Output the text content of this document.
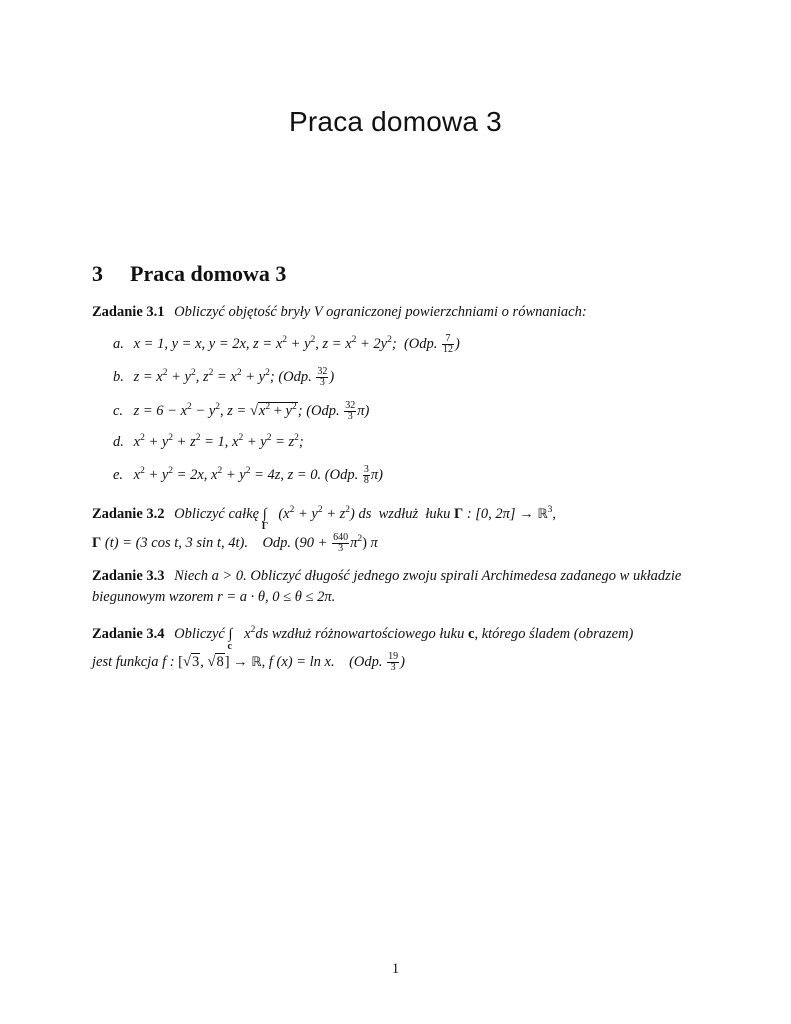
Praca domowa 3
3 Praca domowa 3
Zadanie 3.1 Obliczyć objętość bryły V ograniczonej powierzchniami o równaniach:
a. x = 1, y = x, y = 2x, $z = x^2 + y^2$, $z = x^2 + 2y^2$;  (Odp. $\frac{7}{12}$ )
b. $z = x^2 + y^2$, $z^2 = x^2 + y^2$; (Odp. $\frac{32}{3}$ )
c. $z = 6 - x^2 - y^2$, $z = √x^2 + y^2$; (Odp. $\frac{32}{3} \pi$)
d. $x^2 + y^2 + z^2 = 1$, $x^2 + y^2 = z^2$;
e. $x^2 + y^2 = 2x$, $x^2 + y^2 = 4z$, z = 0. (Odp. $\frac{3}{8} \pi$)
Zadanie 3.2 Obliczyć całkę ∫
Γ
$(x^2 + y^2 + z^2)$ ds  wzdłuż  łuku Γ : [0, 2π] → ℝ$^3$,
Γ (t) = (3 cos t, 3 sin t, 4t).    Odp. $(90 + \frac{640}{3} \pi^2)$ π
Zadanie 3.3 Niech a > 0. Obliczyć długość jednego zwoju spirali Archimedesa zadanego w układzie biegunowym wzorem r = a · θ, 0 ≤ θ ≤ 2π.
Zadanie 3.4 Obliczyć ∫
c
$x^2ds$ wzdłuż różnowartościowego łuku c, którego śladem (obrazem)
jest funkcja f : [√3, √8] → ℝ, f (x) = ln x.    (Odp. $\frac{19}{3}$ )
1
